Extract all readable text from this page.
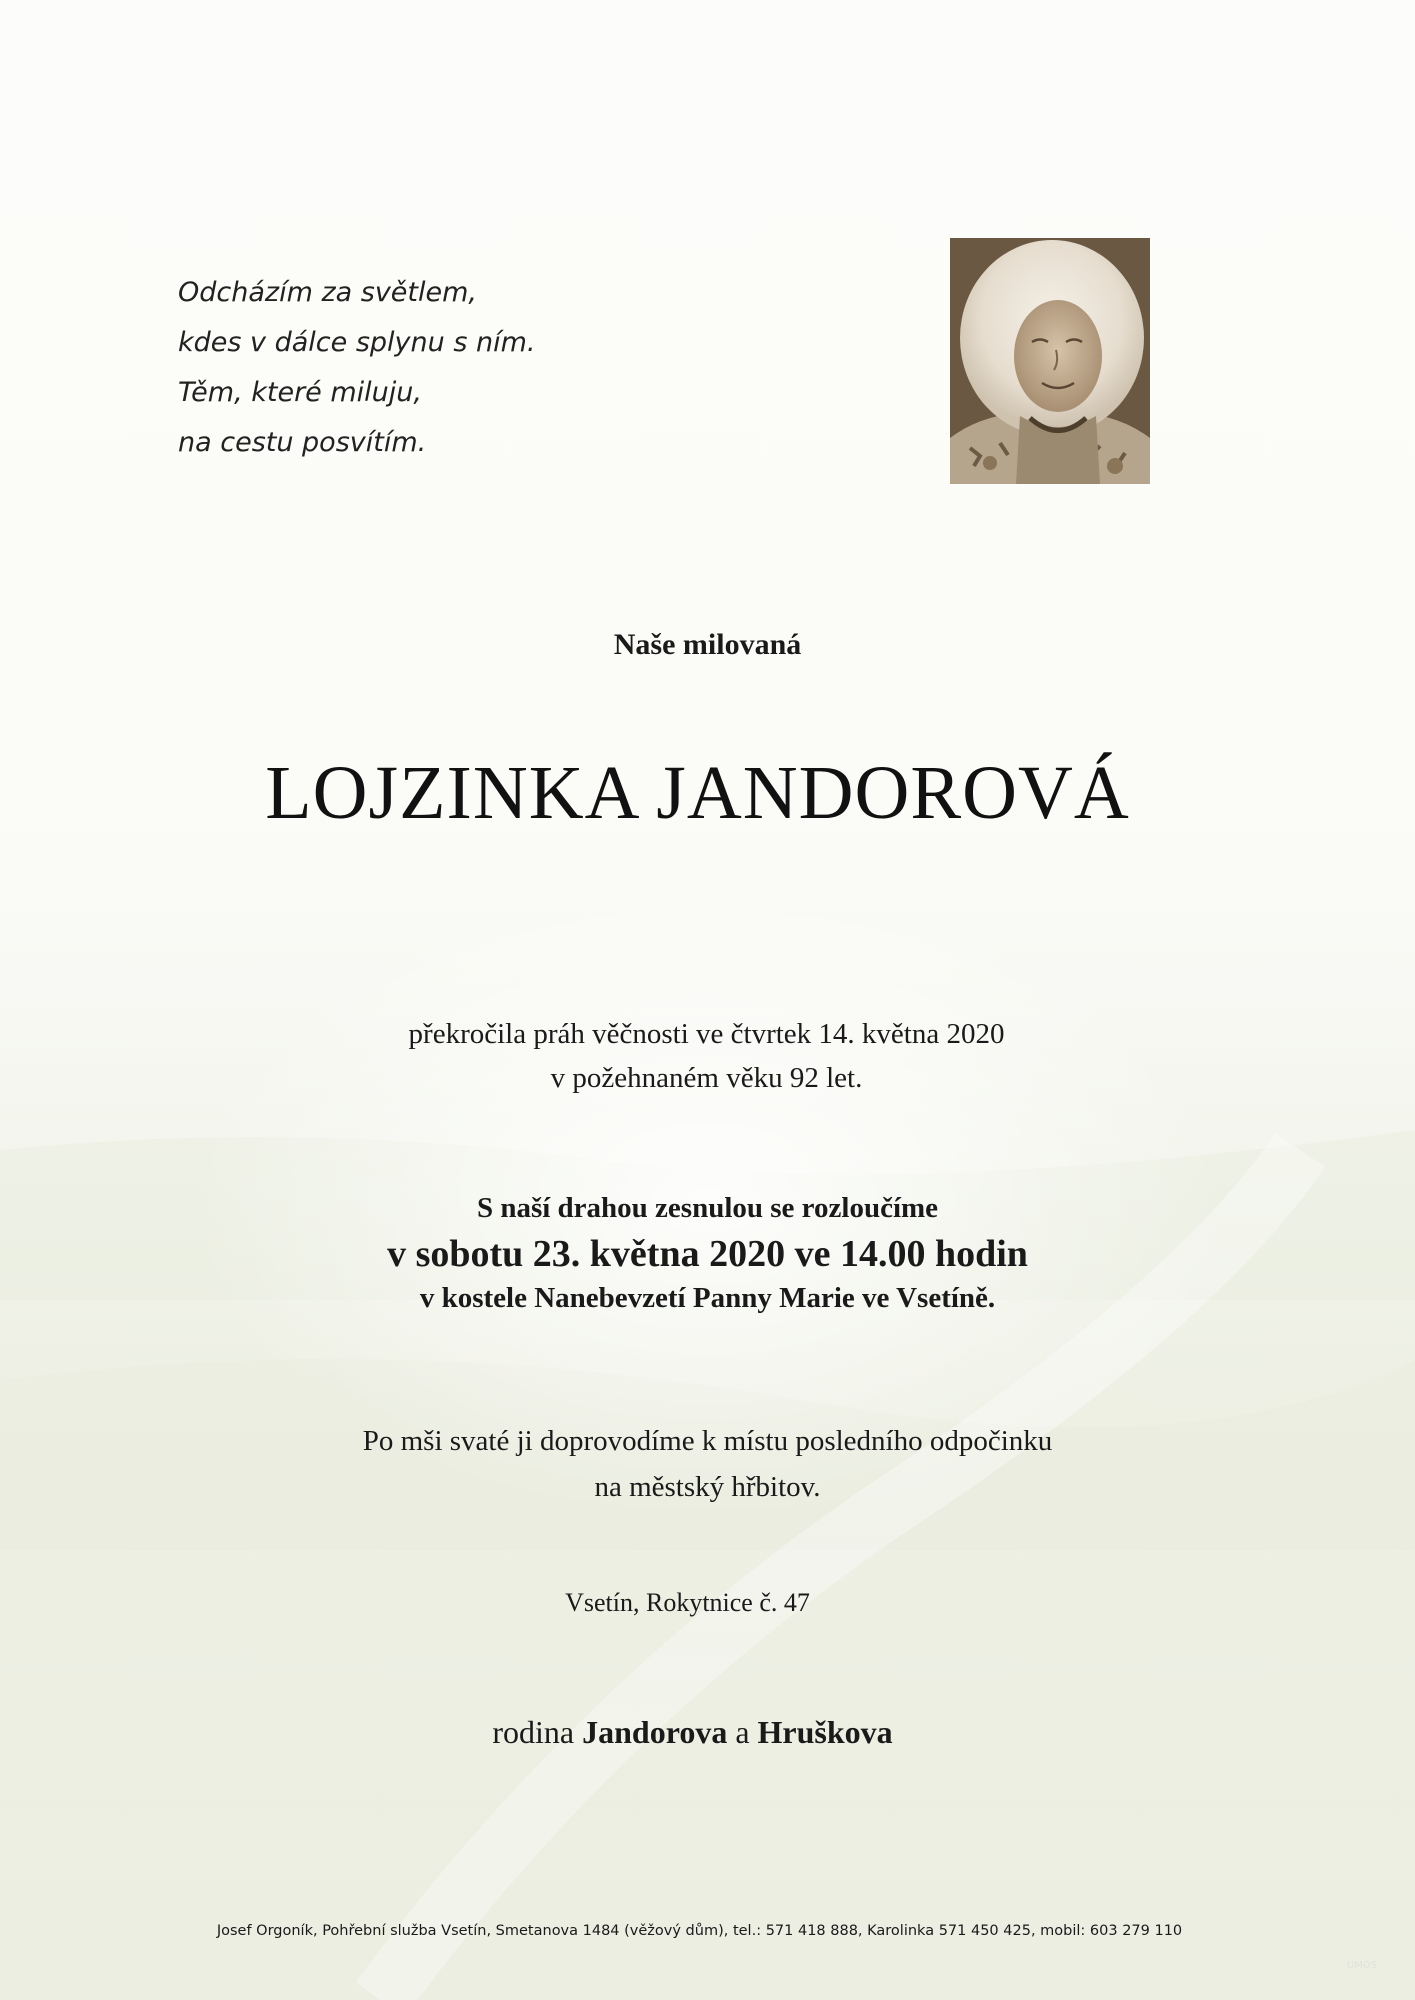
Odcházím za světlem,
kdes v dálce splynu s ním.
Těm, které miluju,
na cestu posvítím.
Naše milovaná
LOJZINKA JANDOROVÁ
překročila práh věčnosti ve čtvrtek 14. května 2020
v požehnaném věku 92 let.
S naší drahou zesnulou se rozloučíme
v sobotu 23. května 2020 ve 14.00 hodin
v kostele Nanebevzetí Panny Marie ve Vsetíně.
Po mši svaté ji doprovodíme k místu posledního odpočinku
na městský hřbitov.
Vsetín, Rokytnice č. 47
rodina Jandorova a Hruškova
Josef Orgoník, Pohřební služba Vsetín, Smetanova 1484 (věžový dům), tel.: 571 418 888, Karolinka 571 450 425, mobil: 603 279 110
UMOS
